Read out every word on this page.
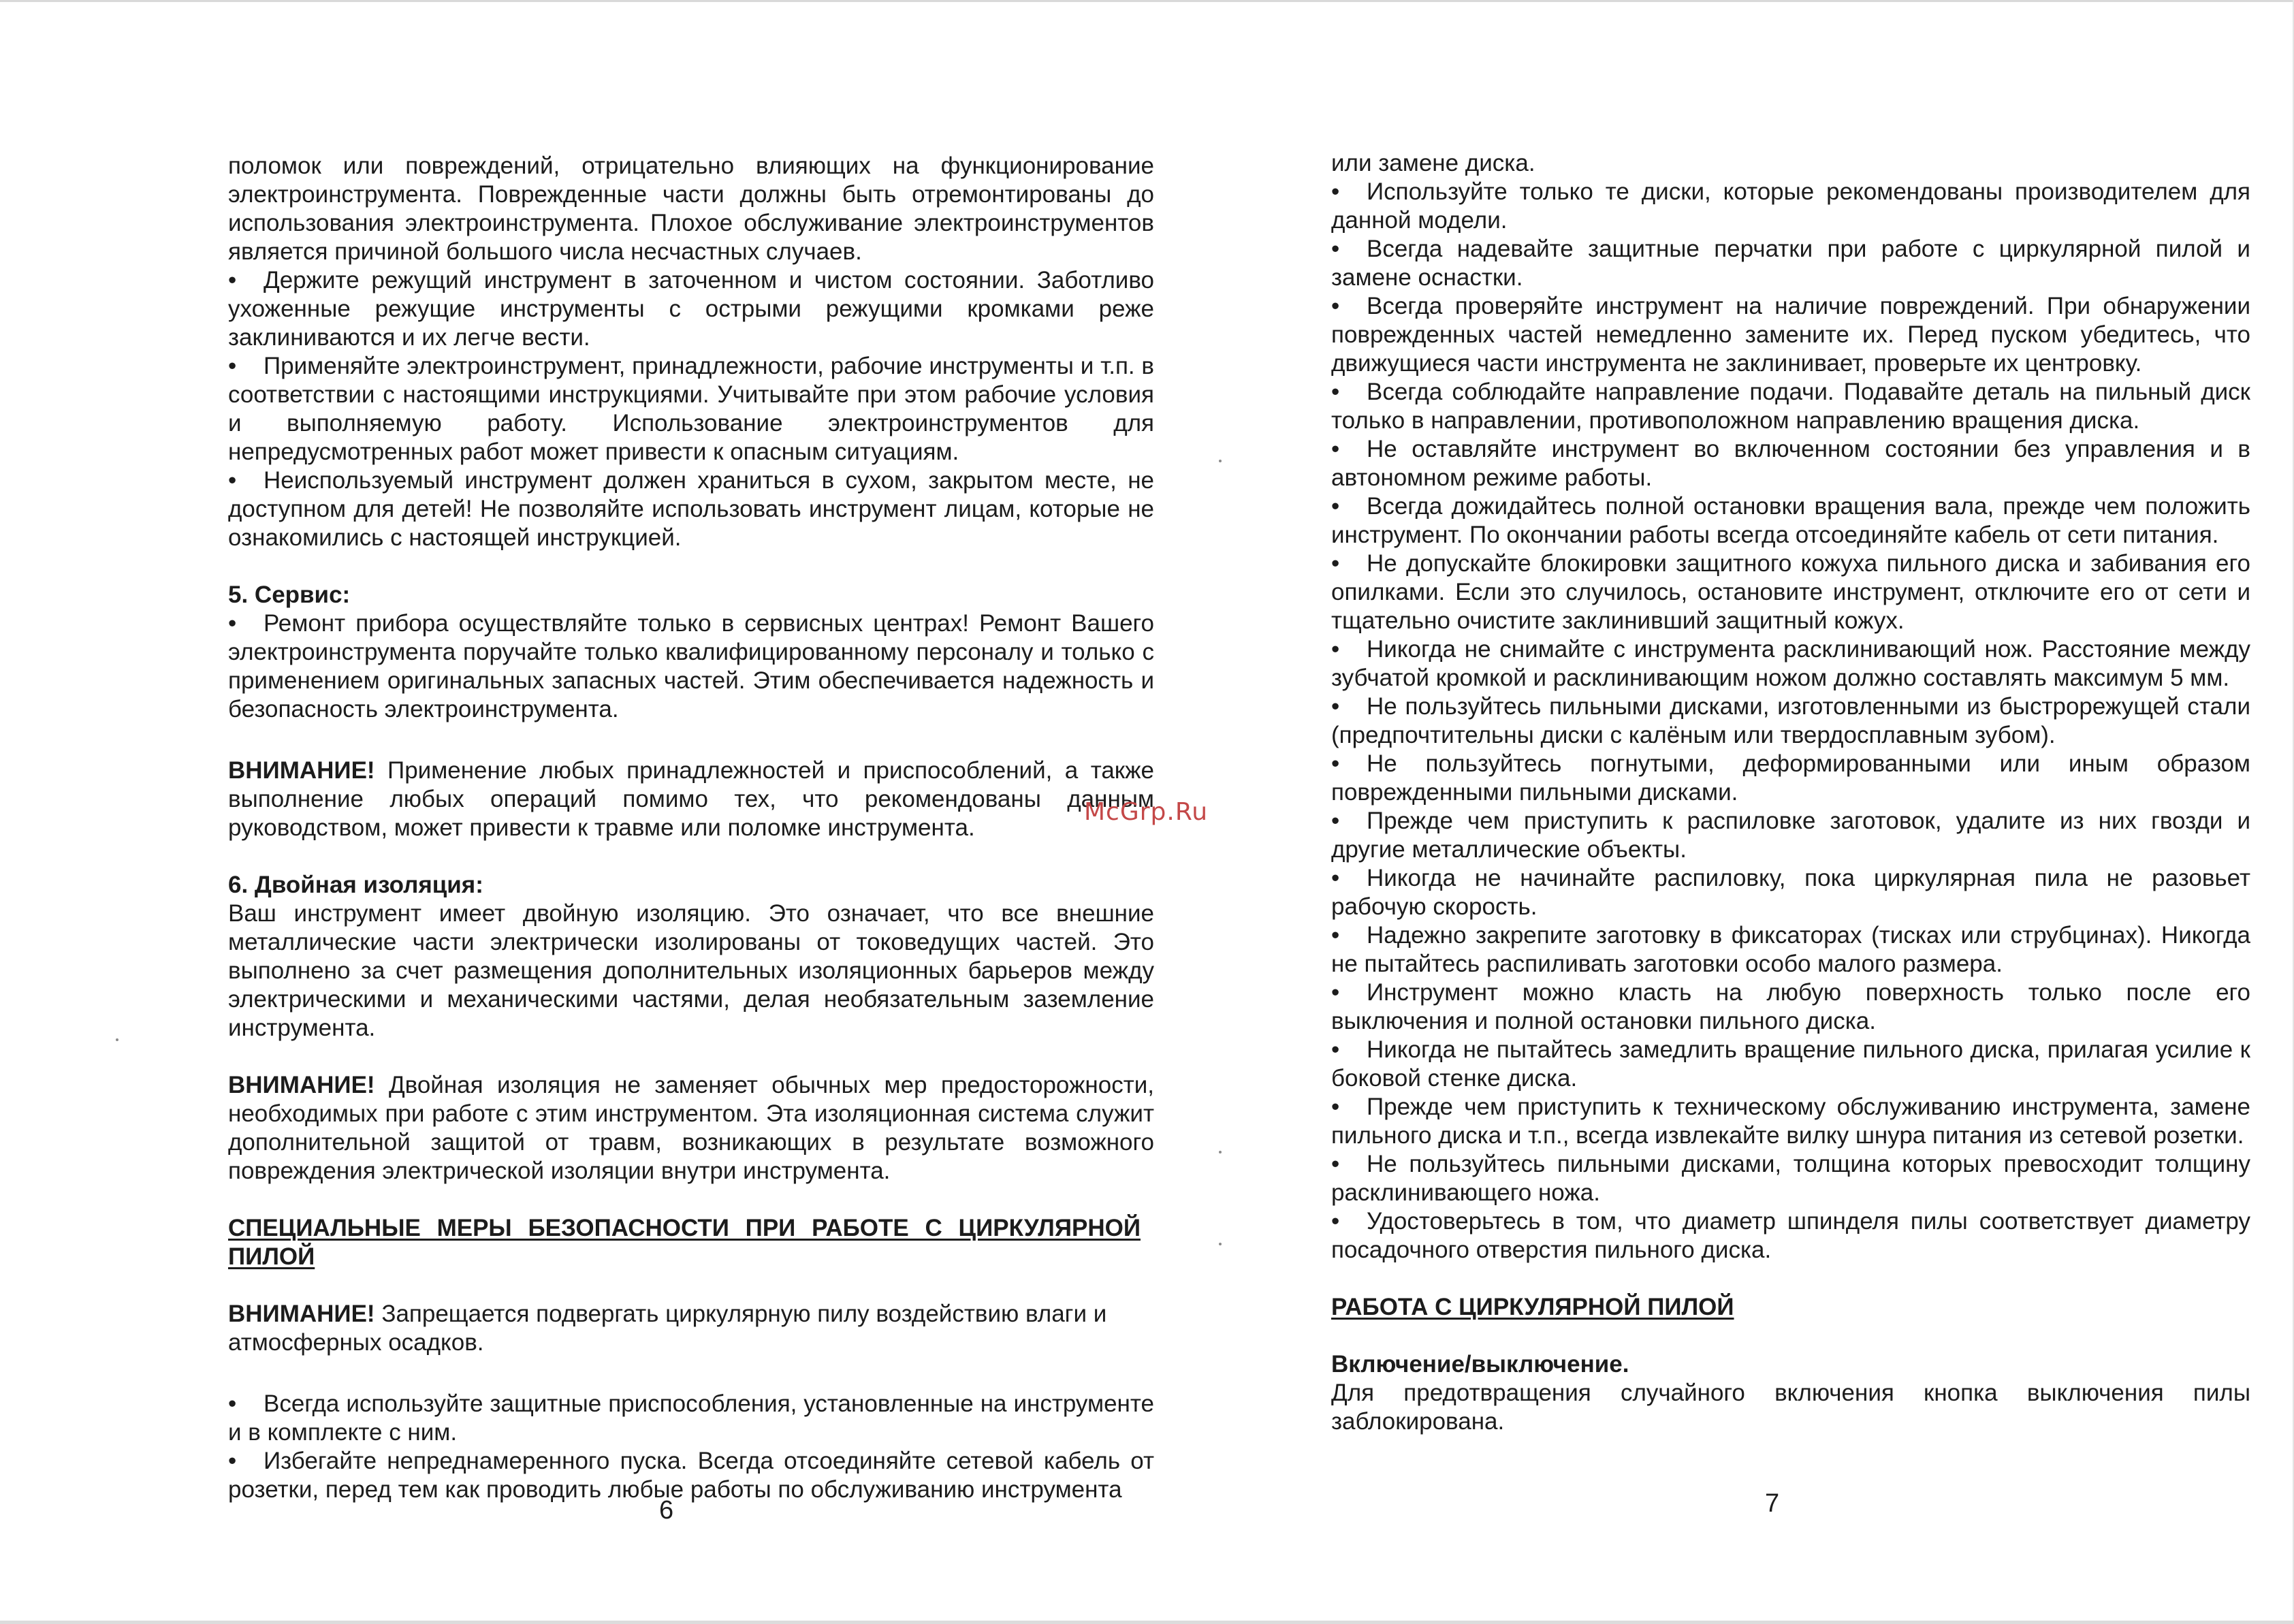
поломок или повреждений, отрицательно влияющих на функционирование электроинструмента. Поврежденные части должны быть отремонтированы до использования электроинструмента. Плохое обслуживание электроинструментов является причиной большого числа несчастных случаев.

• Держите режущий инструмент в заточенном и чистом состоянии. Заботливо ухоженные режущие инструменты с острыми режущими кромками реже заклиниваются и их легче вести.

• Применяйте электроинструмент, принадлежности, рабочие инструменты и т.п. в соответствии с настоящими инструкциями. Учитывайте при этом рабочие условия и выполняемую работу. Использование электроинструментов для непредусмотренных работ может привести к опасным ситуациям.

• Неиспользуемый инструмент должен храниться в сухом, закрытом месте, не доступном для детей! Не позволяйте использовать инструмент лицам, которые не ознакомились с настоящей инструкцией.

5. Сервис:

• Ремонт прибора осуществляйте только в сервисных центрах! Ремонт Вашего электроинструмента поручайте только квалифицированному персоналу и только с применением оригинальных запасных частей. Этим обеспечивается надежность и безопасность электроинструмента.

ВНИМАНИЕ! Применение любых принадлежностей и приспособлений, а также выполнение любых операций помимо тех, что рекомендованы данным руководством, может привести к травме или поломке инструмента.

6. Двойная изоляция:

Ваш инструмент имеет двойную изоляцию. Это означает, что все внешние металлические части электрически изолированы от токоведущих частей. Это выполнено за счет размещения дополнительных изоляционных барьеров между электрическими и механическими частями, делая необязательным заземление инструмента.

ВНИМАНИЕ! Двойная изоляция не заменяет обычных мер предосторожности, необходимых при работе с этим инструментом. Эта изоляционная система служит дополнительной защитой от травм, возникающих в результате возможного повреждения электрической изоляции внутри инструмента.

СПЕЦИАЛЬНЫЕ МЕРЫ БЕЗОПАСНОСТИ ПРИ РАБОТЕ С ЦИРКУЛЯРНОЙ ПИЛОЙ

ВНИМАНИЕ! Запрещается подвергать циркулярную пилу воздействию влаги и атмосферных осадков.

• Всегда используйте защитные приспособления, установленные на инструменте и в комплекте с ним.

• Избегайте непреднамеренного пуска. Всегда отсоединяйте сетевой кабель от розетки, перед тем как проводить любые работы по обслуживанию инструмента

6

или замене диска.

• Используйте только те диски, которые рекомендованы производителем для данной модели.

• Всегда надевайте защитные перчатки при работе с циркулярной пилой и замене оснастки.

• Всегда проверяйте инструмент на наличие повреждений. При обнаружении поврежденных частей немедленно замените их. Перед пуском убедитесь, что движущиеся части инструмента не заклинивает, проверьте их центровку.

• Всегда соблюдайте направление подачи. Подавайте деталь на пильный диск только в направлении, противоположном направлению вращения диска.

• Не оставляйте инструмент во включенном состоянии без управления и в автономном режиме работы.

• Всегда дожидайтесь полной остановки вращения вала, прежде чем положить инструмент. По окончании работы всегда отсоединяйте кабель от сети питания.

• Не допускайте блокировки защитного кожуха пильного диска и забивания его опилками. Если это случилось, остановите инструмент, отключите его от сети и тщательно очистите заклинивший защитный кожух.

• Никогда не снимайте с инструмента расклинивающий нож. Расстояние между зубчатой кромкой и расклинивающим ножом должно составлять максимум 5 мм.

• Не пользуйтесь пильными дисками, изготовленными из быстрорежущей стали (предпочтительны диски с калёным или твердосплавным зубом).

• Не пользуйтесь погнутыми, деформированными или иным образом поврежденными пильными дисками.

• Прежде чем приступить к распиловке заготовок, удалите из них гвозди и другие металлические объекты.

• Никогда не начинайте распиловку, пока циркулярная пила не разовьет рабочую скорость.

• Надежно закрепите заготовку в фиксаторах (тисках или струбцинах). Никогда не пытайтесь распиливать заготовки особо малого размера.

• Инструмент можно класть на любую поверхность только после его выключения и полной остановки пильного диска.

• Никогда не пытайтесь замедлить вращение пильного диска, прилагая усилие к боковой стенке диска.

• Прежде чем приступить к техническому обслуживанию инструмента, замене пильного диска и т.п., всегда извлекайте вилку шнура питания из сетевой розетки.

• Не пользуйтесь пильными дисками, толщина которых превосходит толщину расклинивающего ножа.

• Удостоверьтесь в том, что диаметр шпинделя пилы соответствует диаметру посадочного отверстия пильного диска.

РАБОТА С ЦИРКУЛЯРНОЙ ПИЛОЙ

Включение/выключение.

Для предотвращения случайного включения кнопка выключения пилы заблокирована.

7
McGrp.Ru
